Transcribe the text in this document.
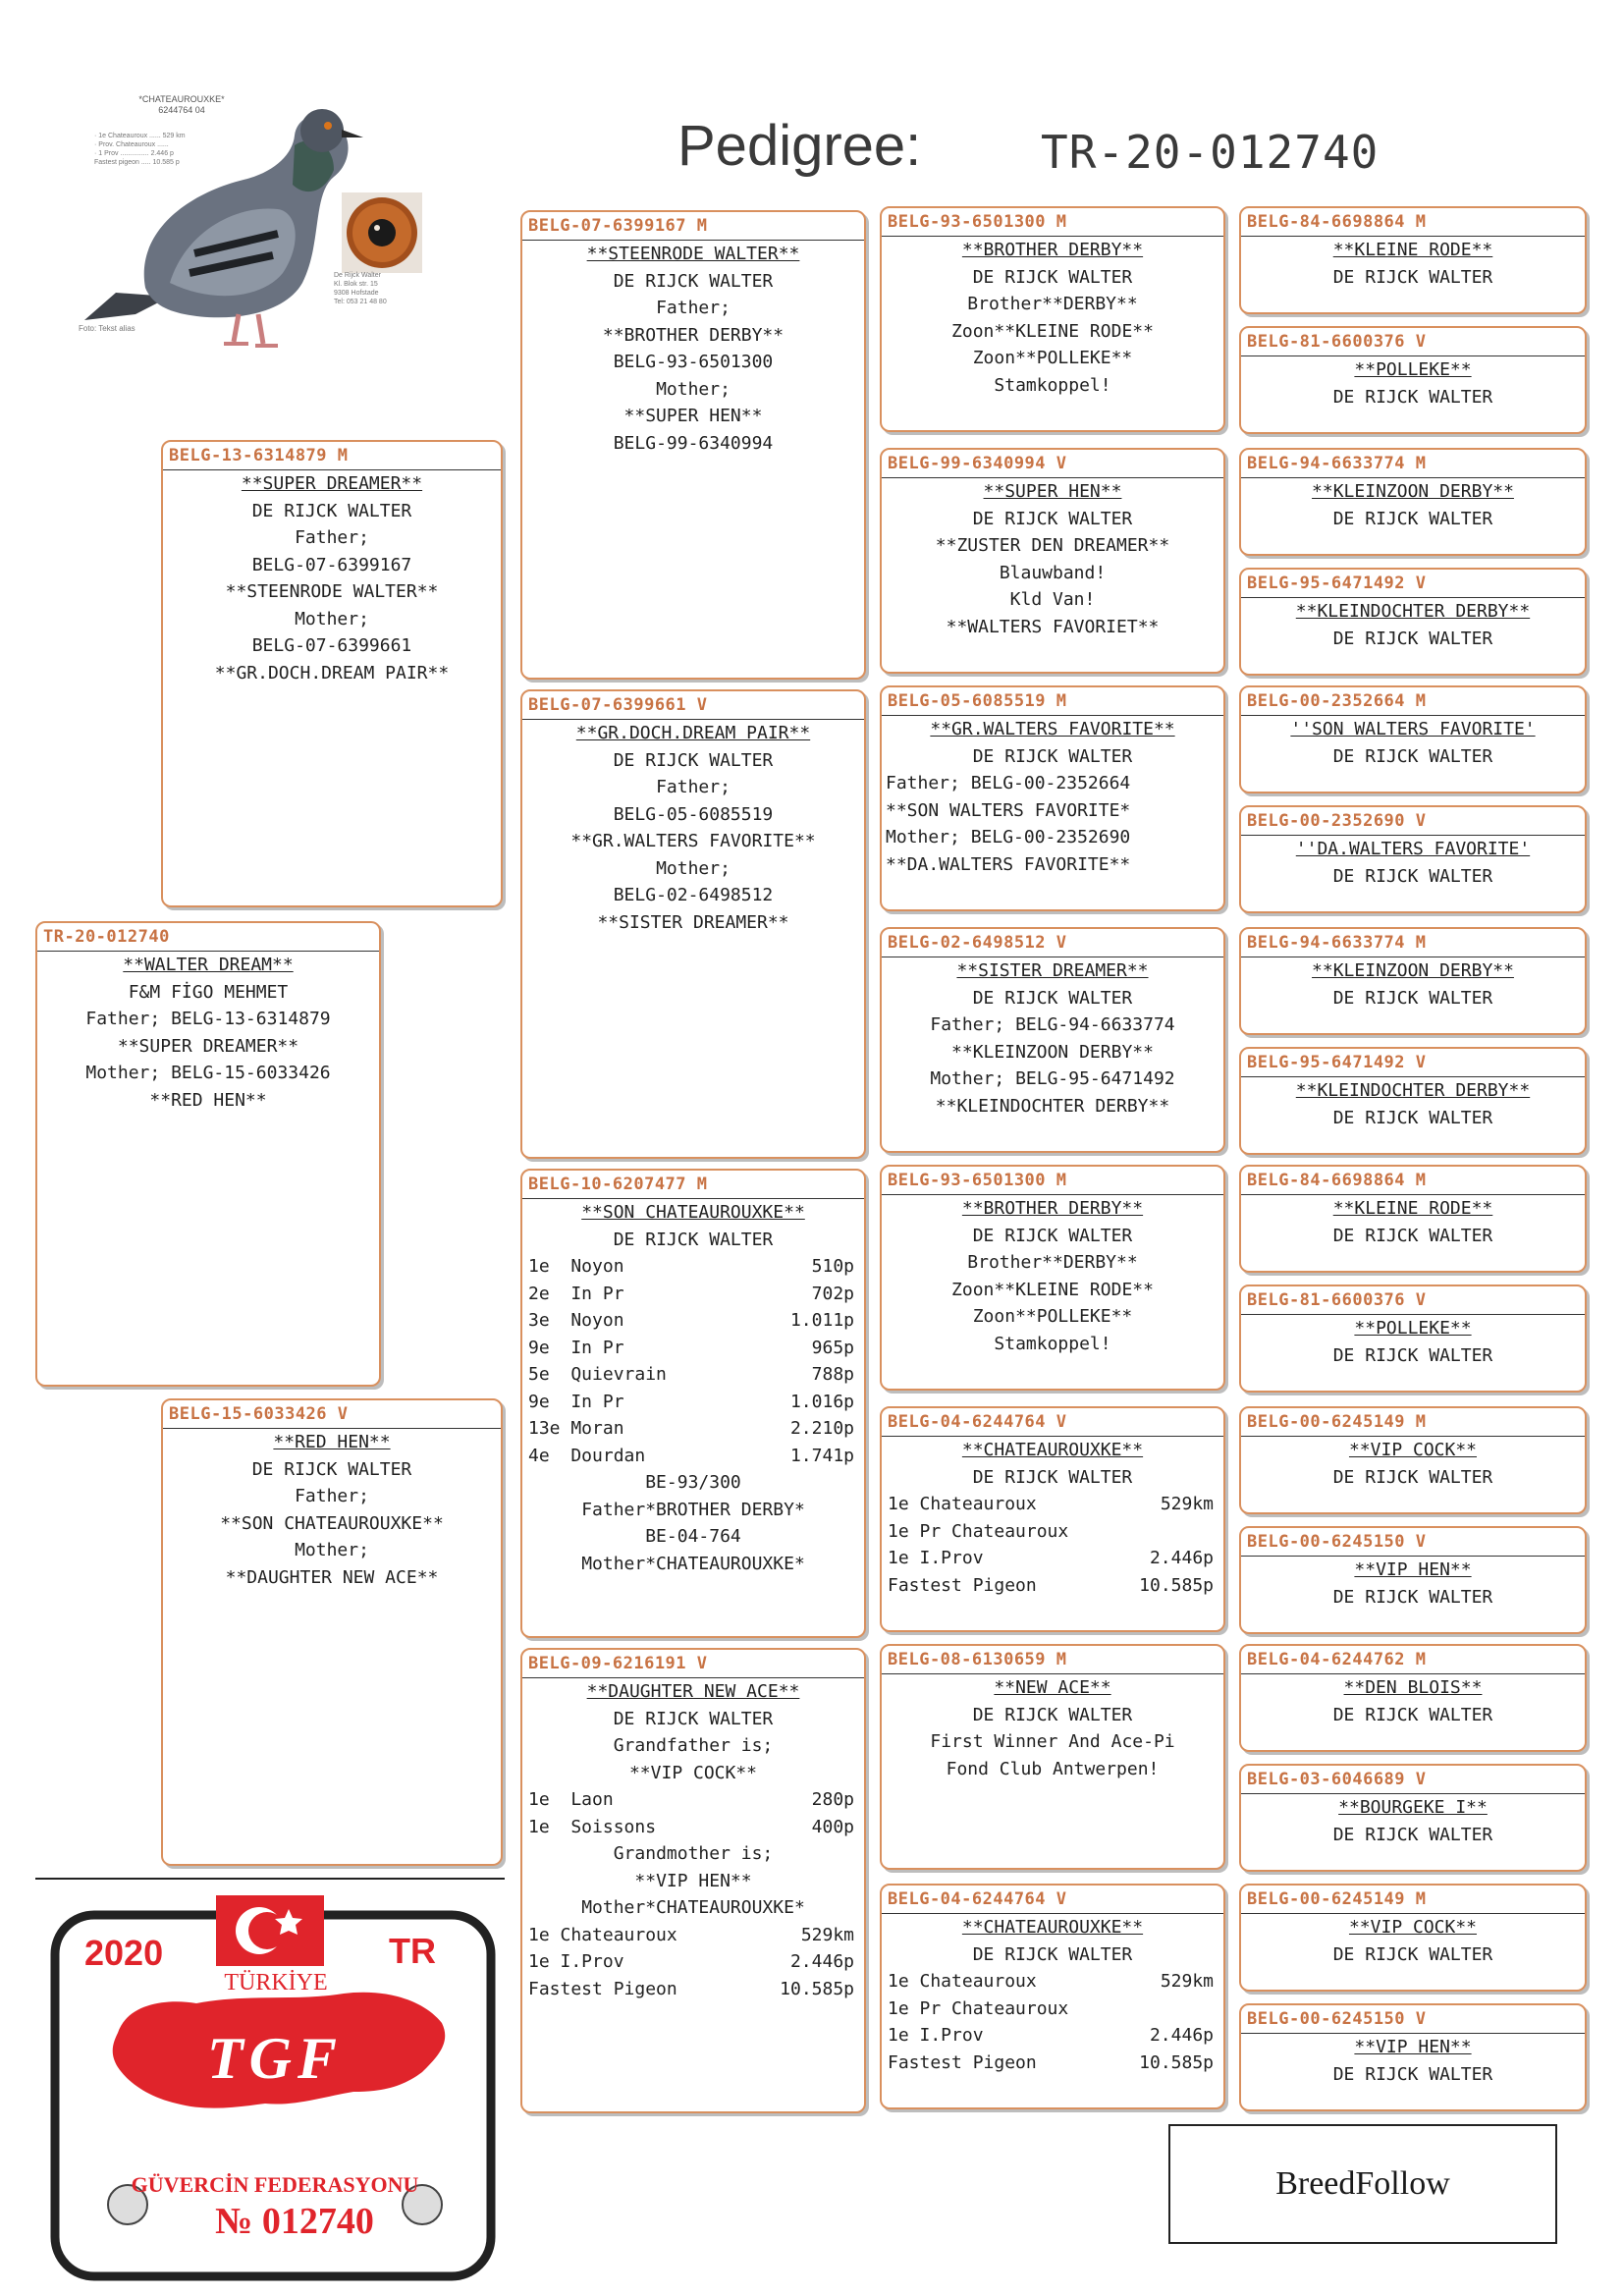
Pedigree:	TR-20-012740
*CHATEAUROUXKE*
6244764 04
· 1e Chateauroux ...... 529 km
· Prov. Chateauroux ......
· 1 Prov ............... 2.446 p
Fastest pigeon ..... 10.585 p
De Rijck Walter
Kl. Blok str. 15
9308 Hofstade
Tel: 053 21 48 80
Foto: Tekst alias
TR-20-012740
**WALTER DREAM**
F&M FİGO MEHMET
Father; BELG-13-6314879
**SUPER DREAMER**
Mother; BELG-15-6033426
**RED HEN**
BELG-13-6314879 M
**SUPER DREAMER**
DE RIJCK WALTER
Father;
BELG-07-6399167
**STEENRODE WALTER**
Mother;
BELG-07-6399661
**GR.DOCH.DREAM PAIR**
BELG-15-6033426 V
**RED HEN**
DE RIJCK WALTER
Father;
**SON CHATEAUROUXKE**
Mother;
**DAUGHTER NEW ACE**
BELG-07-6399167 M
**STEENRODE WALTER**
DE RIJCK WALTER
Father;
**BROTHER DERBY**
BELG-93-6501300
Mother;
**SUPER HEN**
BELG-99-6340994
BELG-07-6399661 V
**GR.DOCH.DREAM PAIR**
DE RIJCK WALTER
Father;
BELG-05-6085519
**GR.WALTERS FAVORITE**
Mother;
BELG-02-6498512
**SISTER DREAMER**
BELG-10-6207477 M
**SON CHATEAUROUXKE**
DE RIJCK WALTER
1e  Noyon	510p
2e  In Pr	702p
3e  Noyon	1.011p
9e  In Pr	965p
5e  Quievrain	788p
9e  In Pr	1.016p
13e Moran	2.210p
4e  Dourdan	1.741p
BE-93/300
Father*BROTHER DERBY*
BE-04-764
Mother*CHATEAUROUXKE*
BELG-09-6216191 V
**DAUGHTER NEW ACE**
DE RIJCK WALTER
Grandfather is;
**VIP COCK**
1e  Laon	280p
1e  Soissons	400p
Grandmother is;
**VIP HEN**
Mother*CHATEAUROUXKE*
1e Chateauroux	529km
1e I.Prov	2.446p
Fastest Pigeon	10.585p
BELG-93-6501300 M
**BROTHER DERBY**
DE RIJCK WALTER
Brother**DERBY**
Zoon**KLEINE RODE**
Zoon**POLLEKE**
Stamkoppel!
BELG-99-6340994 V
**SUPER HEN**
DE RIJCK WALTER
**ZUSTER DEN DREAMER**
Blauwband!
Kld Van!
**WALTERS FAVORIET**
BELG-05-6085519 M
**GR.WALTERS FAVORITE**
DE RIJCK WALTER
Father; BELG-00-2352664
**SON WALTERS FAVORITE*
Mother; BELG-00-2352690
**DA.WALTERS FAVORITE**
BELG-02-6498512 V
**SISTER DREAMER**
DE RIJCK WALTER
Father; BELG-94-6633774
**KLEINZOON DERBY**
Mother; BELG-95-6471492
**KLEINDOCHTER DERBY**
BELG-93-6501300 M
**BROTHER DERBY**
DE RIJCK WALTER
Brother**DERBY**
Zoon**KLEINE RODE**
Zoon**POLLEKE**
Stamkoppel!
BELG-04-6244764 V
**CHATEAUROUXKE**
DE RIJCK WALTER
1e Chateauroux	529km
1e Pr Chateauroux
1e I.Prov	2.446p
Fastest Pigeon	10.585p
BELG-08-6130659 M
**NEW ACE**
DE RIJCK WALTER
First Winner And Ace-Pi
Fond Club Antwerpen!
BELG-04-6244764 V
**CHATEAUROUXKE**
DE RIJCK WALTER
1e Chateauroux	529km
1e Pr Chateauroux
1e I.Prov	2.446p
Fastest Pigeon	10.585p
BELG-84-6698864 M
**KLEINE RODE**
DE RIJCK WALTER
BELG-81-6600376 V
**POLLEKE**
DE RIJCK WALTER
BELG-94-6633774 M
**KLEINZOON DERBY**
DE RIJCK WALTER
BELG-95-6471492 V
**KLEINDOCHTER DERBY**
DE RIJCK WALTER
BELG-00-2352664 M
''SON WALTERS FAVORITE'
DE RIJCK WALTER
BELG-00-2352690 V
''DA.WALTERS FAVORITE'
DE RIJCK WALTER
BELG-94-6633774 M
**KLEINZOON DERBY**
DE RIJCK WALTER
BELG-95-6471492 V
**KLEINDOCHTER DERBY**
DE RIJCK WALTER
BELG-84-6698864 M
**KLEINE RODE**
DE RIJCK WALTER
BELG-81-6600376 V
**POLLEKE**
DE RIJCK WALTER
BELG-00-6245149 M
**VIP COCK**
DE RIJCK WALTER
BELG-00-6245150 V
**VIP HEN**
DE RIJCK WALTER
BELG-04-6244762 M
**DEN BLOIS**
DE RIJCK WALTER
BELG-03-6046689 V
**BOURGEKE I**
DE RIJCK WALTER
BELG-00-6245149 M
**VIP COCK**
DE RIJCK WALTER
BELG-00-6245150 V
**VIP HEN**
DE RIJCK WALTER
BreedFollow
2020	TR
TÜRKİYE
TGF
GÜVERCİN FEDERASYONU
№ 012740
